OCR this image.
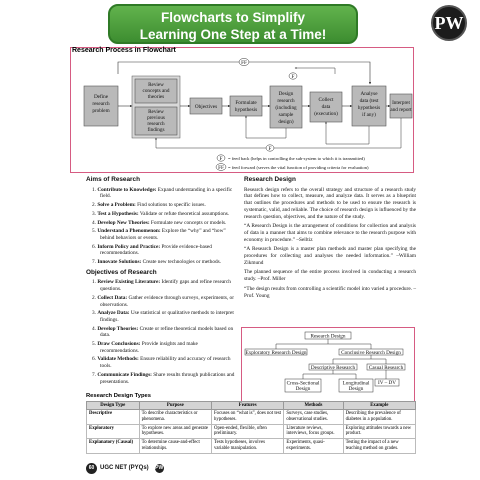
Flowcharts to Simplify
Learning One Step at a Time!
PW
Research Process in Flowchart
FF
F
Define
research
problem
Review
concepts and
theories
Review
previous
research
findings
Objectives
Formulate
hypothesis
Design
research
(including
sample
design)
Collect
data
(execution)
Analyse
data (test
hypothesis
if any)
Interpret
and report
F
F = feed back (helps in controlling the sub-system to which it is transmitted)
FF = feed forward (serves the vital function of providing criteria for evaluation)
Aims of Research
1. Contribute to Knowledge: Expand understanding in a specific field.
2. Solve a Problem: Find solutions to specific issues.
3. Test a Hypothesis: Validate or refute theoretical assumptions.
4. Develop New Theories: Formulate new concepts or models.
5. Understand a Phenomenon: Explore the “why” and “how” behind behaviors or events.
6. Inform Policy and Practice: Provide evidence-based recommendations.
7. Innovate Solutions: Create new technologies or methods.
Objectives of Research
1. Review Existing Literature: Identify gaps and refine research questions.
2. Collect Data: Gather evidence through surveys, experiments, or observations.
3. Analyze Data: Use statistical or qualitative methods to interpret findings.
4. Develop Theories: Create or refine theoretical models based on data.
5. Draw Conclusions: Provide insights and make recommendations.
6. Validate Methods: Ensure reliability and accuracy of research tools.
7. Communicate Findings: Share results through publications and presentations.
Research Design
Research design refers to the overall strategy and structure of a research study that defines how to collect, measure, and analyze data. It serves as a blueprint that outlines the procedures and methods to be used to ensure the research is systematic, valid, and reliable. The choice of research design is influenced by the research question, objectives, and the nature of the study.
“A Research Design is the arrangement of conditions for collection and analysis of data in a manner that aims to combine relevance to the research purpose with economy in procedure.” –Selltiz
“A Research Design is a master plan methods and master plan specifying the procedures for collecting and analyses the needed information.” –William Zikmund
The planned sequence of the entire process involved in conducting a research study. –Prof. Miller
“The design results from controlling a scientific model into varied a procedure. –Prof. Young
Research Design
Exploratory Research Design	Conclusive Research Design
Descriptive Research	Casual Research
Cross-Sectional
Design
Longitudinal
Design
IV – DV
Research Design Types
Design Type	Purpose	Features	Methods	Example
Descriptive	To describe characteristics or phenomena.	Focuses on “what is”, does not test hypotheses.	Surveys, case studies, observational studies.	Describing the prevalence of diabetes in a population.
Exploratory	To explore new areas and generate hypotheses.	Open-ended, flexible, often preliminary.	Literature reviews, interviews, focus groups.	Exploring attitudes towards a new product.
Explanatory (Causal)	To determine cause-and-effect relationships.	Tests hypotheses, involves variable manipulation.	Experiments, quasi-experiments.	Testing the impact of a new teaching method on grades.
60 UGC NET (PYQs) PW
